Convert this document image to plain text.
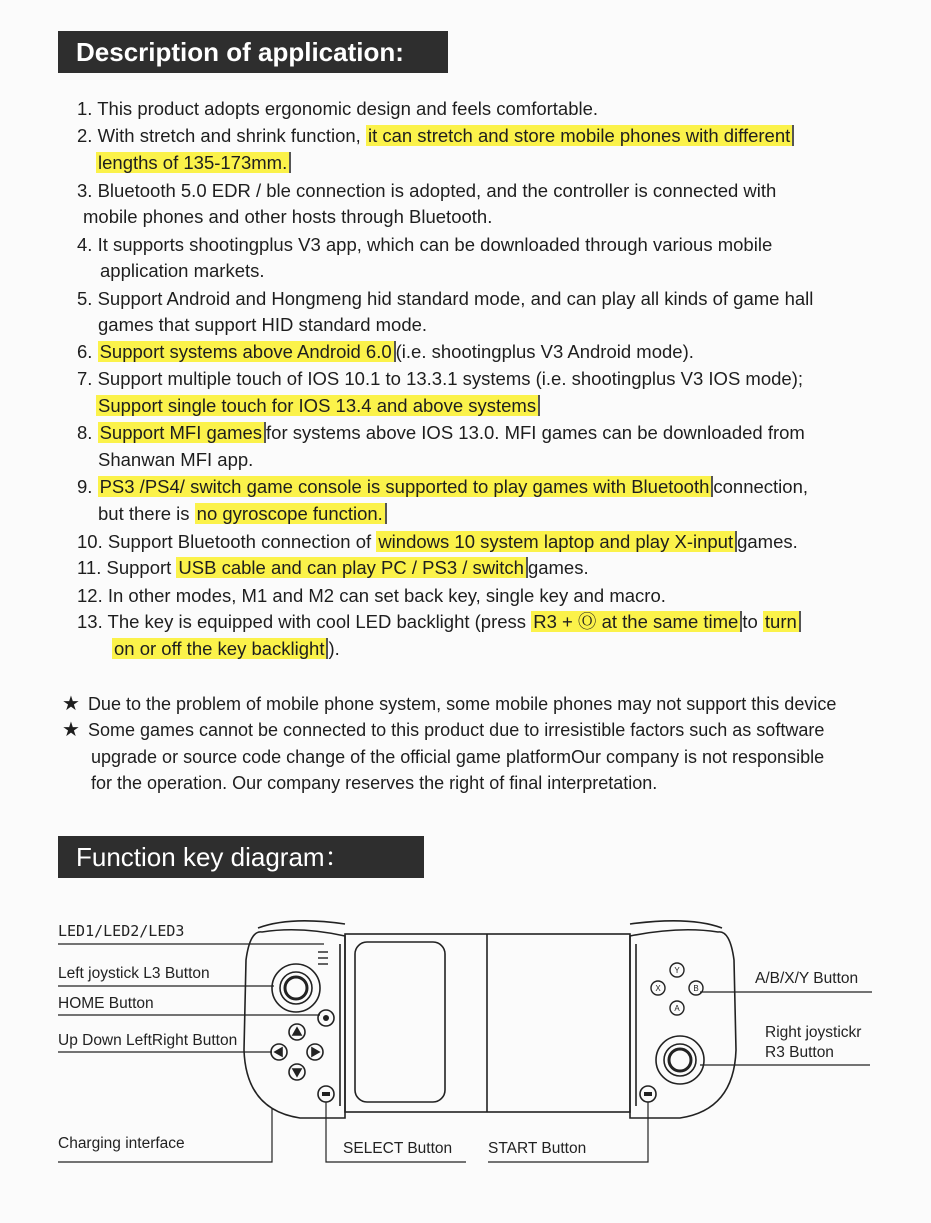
Description of application:
1. This product adopts ergonomic design and feels comfortable.
2. With stretch and shrink function, it can stretch and store mobile phones with different
lengths of 135-173mm.
3. Bluetooth 5.0 EDR / ble connection is adopted, and the controller is connected with
mobile phones and other hosts through Bluetooth.
4. It supports shootingplus V3 app, which can be downloaded through various mobile
application markets.
5. Support Android and Hongmeng hid standard mode, and can play all kinds of game hall
games that support HID standard mode.
6. Support systems above Android 6.0 (i.e. shootingplus V3 Android mode).
7. Support multiple touch of IOS 10.1 to 13.3.1 systems (i.e. shootingplus V3 IOS mode);
Support single touch for IOS 13.4 and above systems
8. Support MFI games for systems above IOS 13.0. MFI games can be downloaded from
Shanwan MFI app.
9. PS3 /PS4/ switch game console is supported to play games with Bluetooth connection,
but there is no gyroscope function.
10. Support Bluetooth connection of windows 10 system laptop and play X-input games.
11. Support USB cable and can play PC / PS3 / switch games.
12. In other modes, M1 and M2 can set back key, single key and macro.
13. The key is equipped with cool LED backlight (press R3 + Ⓞ at the same time to turn
on or off the key backlight ).
★ Due to the problem of mobile phone system, some mobile phones may not support this device
★ Some games cannot be connected to this product due to irresistible factors such as software
upgrade or source code change of the official game platformOur company is not responsible
for the operation. Our company reserves the right of final interpretation.
Function key diagram：
Y
X	B
A
LED1/LED2/LED3
Left joystick L3 Button
HOME Button
Up Down LeftRight Button
Charging interface	SELECT Button START Button
A/B/X/Y Button
Right joystickr
R3 Button
